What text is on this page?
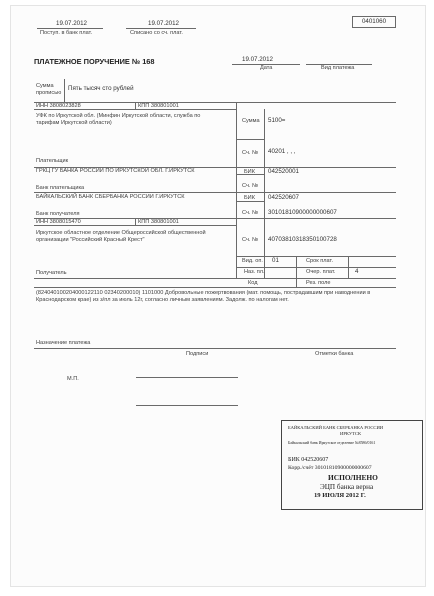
19.07.2012
Поступ. в банк плат.
19.07.2012
Списано со сч. плат.
0401060
ПЛАТЕЖНОЕ ПОРУЧЕНИЕ № 168	19.07.2012
Дата	Вид платежа
Сумма
прописью
Пять тысяч сто рублей
ИНН 3808023828	КПП 380801001
УФК по Иркутской обл. (Минфин Иркутской области, служба по
тарифам Иркутской области)
Плательщик
Сумма 5100=
Сч. № 40201 , , ,
ГРКЦ ГУ БАНКА РОССИИ ПО ИРКУТСКОЙ ОБЛ. Г.ИРКУТСК
Банк плательщика
БИК 042520001
Сч. №
БАЙКАЛЬСКИЙ БАНК СБЕРБАНКА РОССИИ Г.ИРКУТСК
Банк получателя
БИК 042520607
Сч. № 30101810900000000607
ИНН 3808015470	КПП 380801001
Иркутское областное отделение Общероссийской общественной
организации "Российский Красный Крест"
Получатель
Сч. № 40703810318350100728
Вид. оп. 01	Срок плат.
Наз. пл.	Очер. плат.	4
Код	Рез. поле
(824040100204000122110 02340200010) 1101000 Добровольные пожертвования (мат. помощь, пострадавшим при наводнении в
Краснодарском крае) из з/пл за июль 12г, согласно личным заявлениям. Задолж. по налогам нет.
Назначение платежа
Подписи	Отметки банка
М.П.
БАЙКАЛЬСКИЙ БАНК СБЕРБАНКА РОССИИ
ИРКУТСК
Байкальский банк Иркутское отделение №8586/0161
БИК 042520607
Корр./счёт 30101810900000000607
ИСПОЛНЕНО
ЭЦП банка верна
19 ИЮЛЯ 2012 Г.
